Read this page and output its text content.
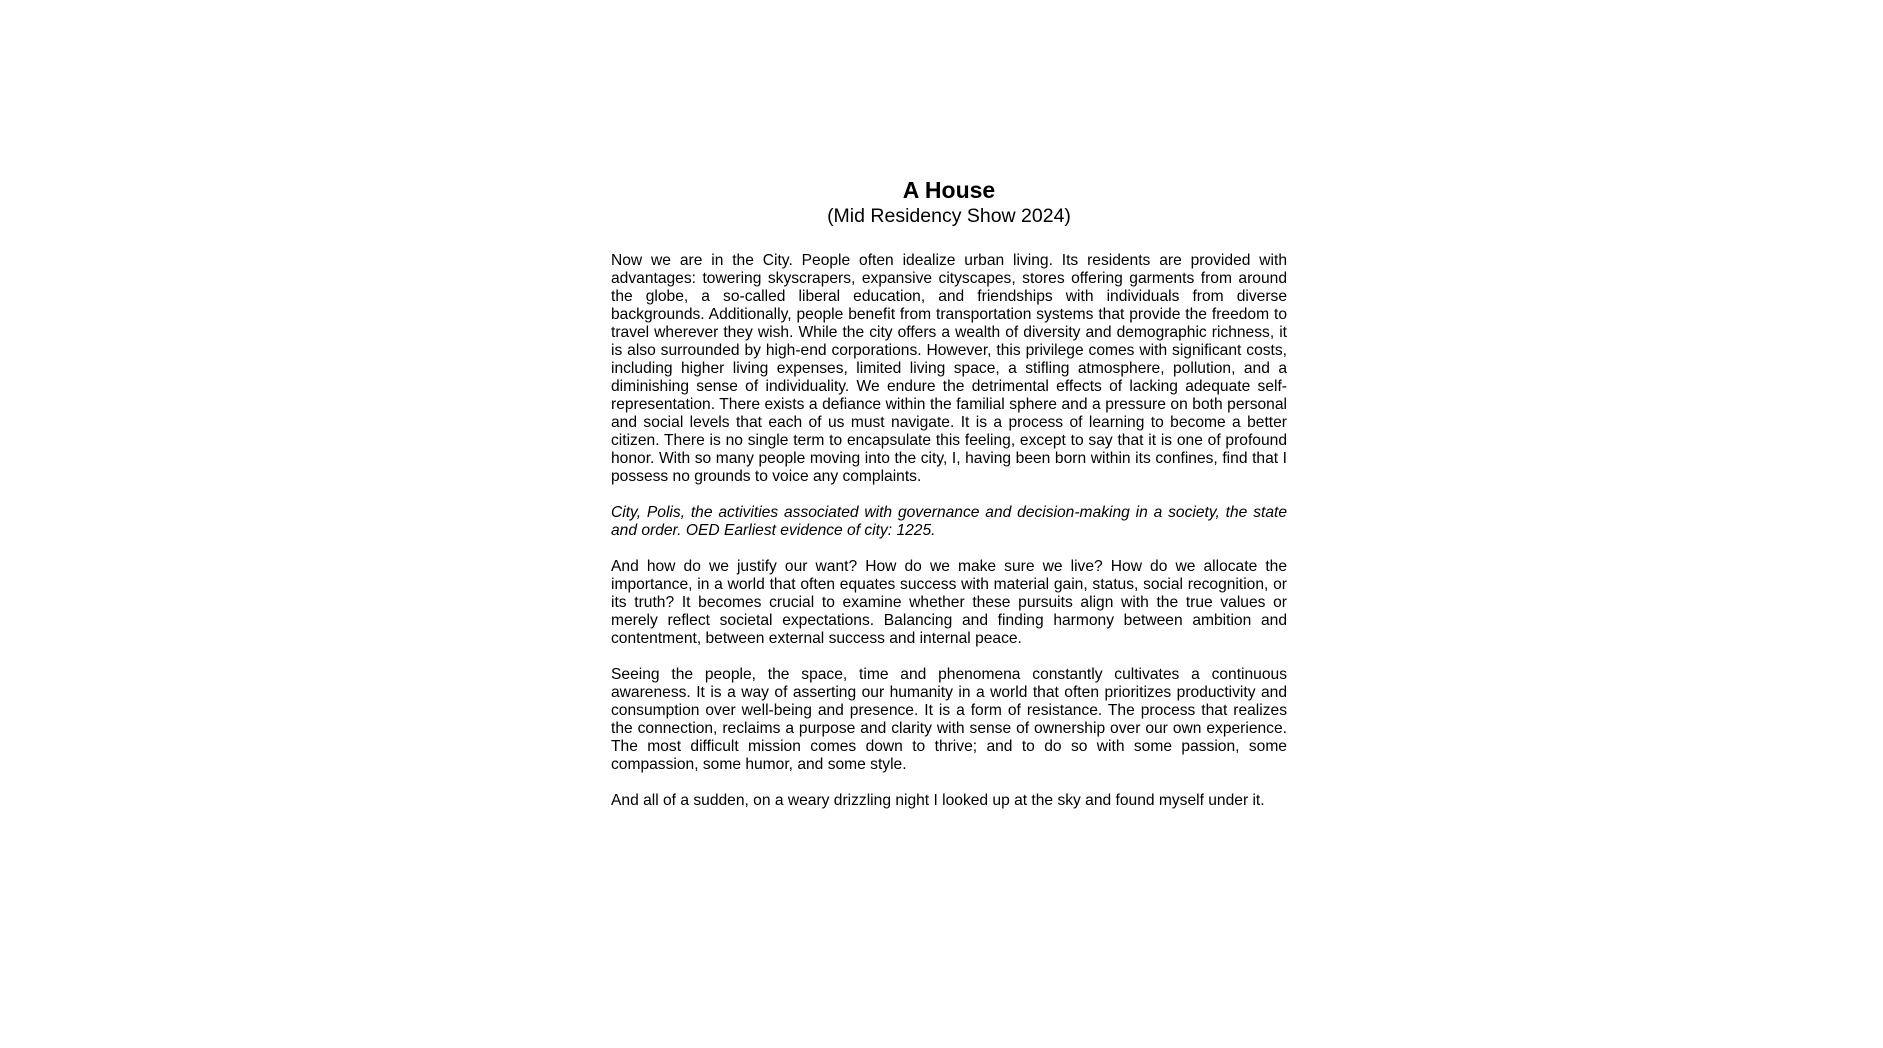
A House
(Mid Residency Show 2024)

Now we are in the City. People often idealize urban living. Its residents are provided with advantages: towering skyscrapers, expansive cityscapes, stores offering garments from around the globe, a so-called liberal education, and friendships with individuals from diverse backgrounds. Additionally, people benefit from transportation systems that provide the freedom to travel wherever they wish. While the city offers a wealth of diversity and demographic richness, it is also surrounded by high-end corporations. However, this privilege comes with significant costs, including higher living expenses, limited living space, a stifling atmosphere, pollution, and a diminishing sense of individuality. We endure the detrimental effects of lacking adequate self-representation. There exists a defiance within the familial sphere and a pressure on both personal and social levels that each of us must navigate. It is a process of learning to become a better citizen. There is no single term to encapsulate this feeling, except to say that it is one of profound honor. With so many people moving into the city, I, having been born within its confines, find that I possess no grounds to voice any complaints.

City, Polis, the activities associated with governance and decision-making in a society, the state and order. OED Earliest evidence of city: 1225.

And how do we justify our want? How do we make sure we live? How do we allocate the importance, in a world that often equates success with material gain, status, social recognition, or its truth? It becomes crucial to examine whether these pursuits align with the true values or merely reflect societal expectations. Balancing and finding harmony between ambition and contentment, between external success and internal peace.

Seeing the people, the space, time and phenomena constantly cultivates a continuous awareness. It is a way of asserting our humanity in a world that often prioritizes productivity and consumption over well-being and presence. It is a form of resistance. The process that realizes the connection, reclaims a purpose and clarity with sense of ownership over our own experience. The most difficult mission comes down to thrive; and to do so with some passion, some compassion, some humor, and some style.

And all of a sudden, on a weary drizzling night I looked up at the sky and found myself under it.
